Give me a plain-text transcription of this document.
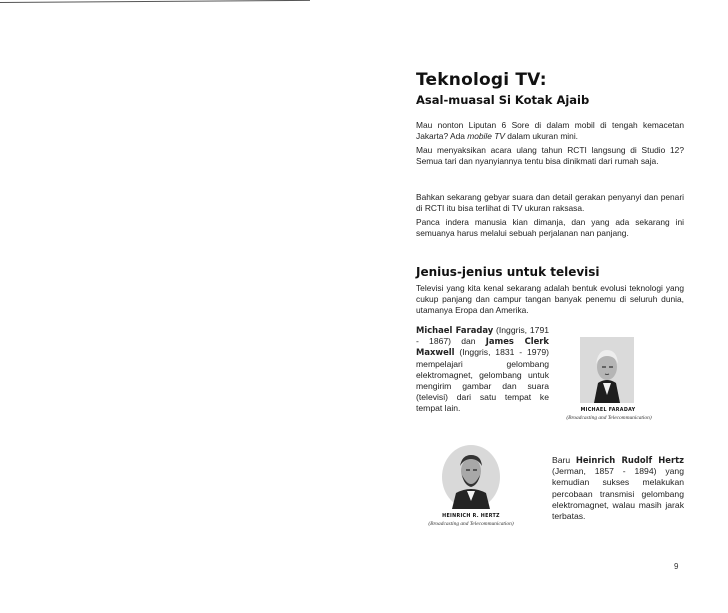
Teknologi TV:
Asal-muasal Si Kotak Ajaib

Mau nonton Liputan 6 Sore di dalam mobil di tengah kemacetan Jakarta? Ada mobile TV dalam ukuran mini.

Mau menyaksikan acara ulang tahun RCTI langsung di Studio 12? Semua tari dan nyanyiannya tentu bisa dinikmati dari rumah saja.

Bahkan sekarang gebyar suara dan detail gerakan penyanyi dan penari di RCTI itu bisa terlihat di TV ukuran raksasa.

Panca indera manusia kian dimanja, dan yang ada sekarang ini semuanya harus melalui sebuah perjalanan nan panjang.

Jenius-jenius untuk televisi

Televisi yang kita kenal sekarang adalah bentuk evolusi teknologi yang cukup panjang dan campur tangan banyak penemu di seluruh dunia, utamanya Eropa dan Amerika.

Michael Faraday (Inggris, 1791 - 1867) dan James Clerk Maxwell (Inggris, 1831 - 1979) mempelajari gelombang elektromagnet, gelombang untuk mengirim gambar dan suara (televisi) dari satu tempat ke tempat lain.	MICHAEL FARADAY
(Broadcasting and Telecommunication)
HEINRICH R. HERTZ
(Broadcasting and Telecommunication)

Baru Heinrich Rudolf Hertz (Jerman, 1857 - 1894) yang kemudian sukses melakukan percobaan transmisi gelombang elektromagnet, walau masih jarak terbatas.

9
